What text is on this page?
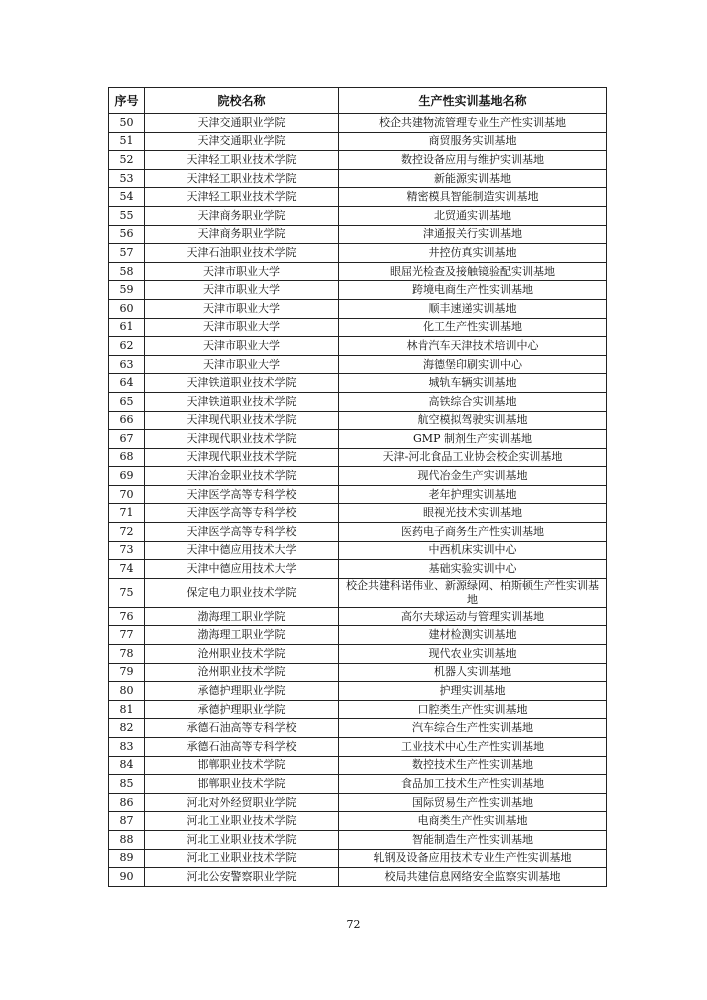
序号	院校名称	生产性实训基地名称
50	天津交通职业学院	校企共建物流管理专业生产性实训基地
51	天津交通职业学院	商贸服务实训基地
52	天津轻工职业技术学院	数控设备应用与维护实训基地
53	天津轻工职业技术学院	新能源实训基地
54	天津轻工职业技术学院	精密模具智能制造实训基地
55	天津商务职业学院	北贸通实训基地
56	天津商务职业学院	津通报关行实训基地
57	天津石油职业技术学院	井控仿真实训基地
58	天津市职业大学	眼屈光检查及接触镜验配实训基地
59	天津市职业大学	跨境电商生产性实训基地
60	天津市职业大学	顺丰速递实训基地
61	天津市职业大学	化工生产性实训基地
62	天津市职业大学	林肯汽车天津技术培训中心
63	天津市职业大学	海德堡印刷实训中心
64	天津铁道职业技术学院	城轨车辆实训基地
65	天津铁道职业技术学院	高铁综合实训基地
66	天津现代职业技术学院	航空模拟驾驶实训基地
67	天津现代职业技术学院	GMP 制剂生产实训基地
68	天津现代职业技术学院	天津-河北食品工业协会校企实训基地
69	天津冶金职业技术学院	现代冶金生产实训基地
70	天津医学高等专科学校	老年护理实训基地
71	天津医学高等专科学校	眼视光技术实训基地
72	天津医学高等专科学校	医药电子商务生产性实训基地
73	天津中德应用技术大学	中西机床实训中心
74	天津中德应用技术大学	基础实验实训中心
75	保定电力职业技术学院	校企共建科诺伟业、新源绿网、柏斯顿生产性实训基地
76	渤海理工职业学院	高尔夫球运动与管理实训基地
77	渤海理工职业学院	建材检测实训基地
78	沧州职业技术学院	现代农业实训基地
79	沧州职业技术学院	机器人实训基地
80	承德护理职业学院	护理实训基地
81	承德护理职业学院	口腔类生产性实训基地
82	承德石油高等专科学校	汽车综合生产性实训基地
83	承德石油高等专科学校	工业技术中心生产性实训基地
84	邯郸职业技术学院	数控技术生产性实训基地
85	邯郸职业技术学院	食品加工技术生产性实训基地
86	河北对外经贸职业学院	国际贸易生产性实训基地
87	河北工业职业技术学院	电商类生产性实训基地
88	河北工业职业技术学院	智能制造生产性实训基地
89	河北工业职业技术学院	轧钢及设备应用技术专业生产性实训基地
90	河北公安警察职业学院	校局共建信息网络安全监察实训基地
72
